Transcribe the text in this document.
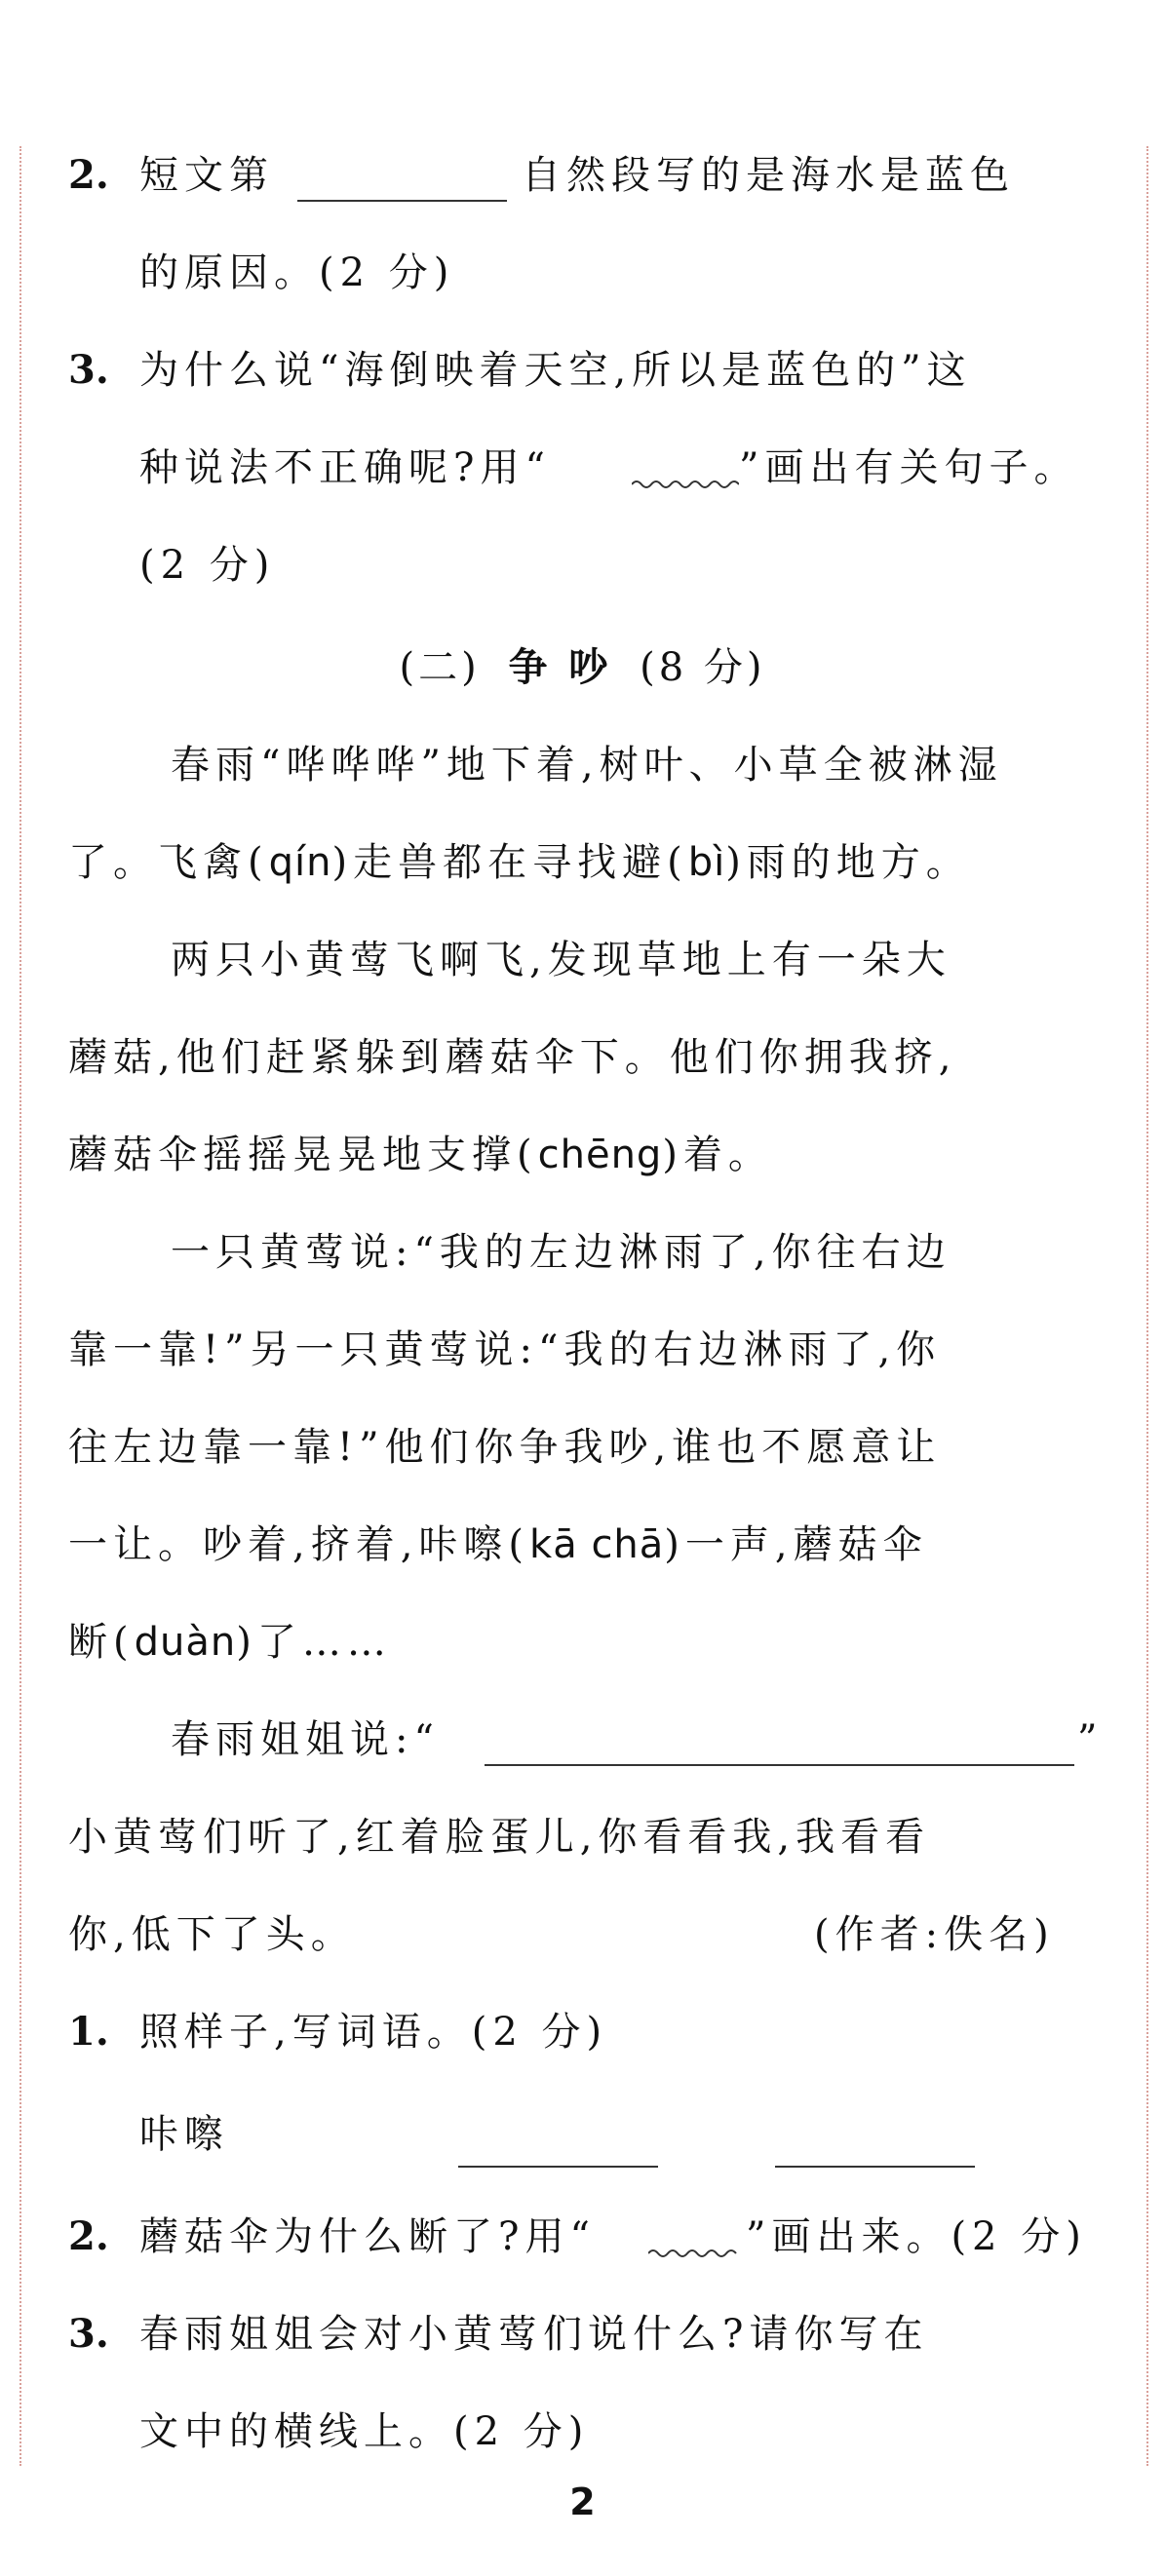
2. 短文第	自然段写的是海水是蓝色
的原因。(2 分)
3. 为什么说“海倒映着天空,所以是蓝色的”这
种说法不正确呢?用“	”画出有关句子。
(2 分)
(二) 争 吵 (8 分)
春雨“哗哗哗”地下着,树叶、小草全被淋湿
了。飞禽(qín)走兽都在寻找避(bì)雨的地方。
两只小黄莺飞啊飞,发现草地上有一朵大
蘑菇,他们赶紧躲到蘑菇伞下。他们你拥我挤,
蘑菇伞摇摇晃晃地支撑(chēng)着。
一只黄莺说:“我的左边淋雨了,你往右边
靠一靠!”另一只黄莺说:“我的右边淋雨了,你
往左边靠一靠!”他们你争我吵,谁也不愿意让
一让。吵着,挤着,咔嚓(kā chā)一声,蘑菇伞
断(duàn)了……
春雨姐姐说:“	”
小黄莺们听了,红着脸蛋儿,你看看我,我看看
你,低下了头。	(作者:佚名)
1. 照样子,写词语。(2 分)
咔嚓
2. 蘑菇伞为什么断了?用“	”画出来。(2 分)
3. 春雨姐姐会对小黄莺们说什么?请你写在
文中的横线上。(2 分)
2
